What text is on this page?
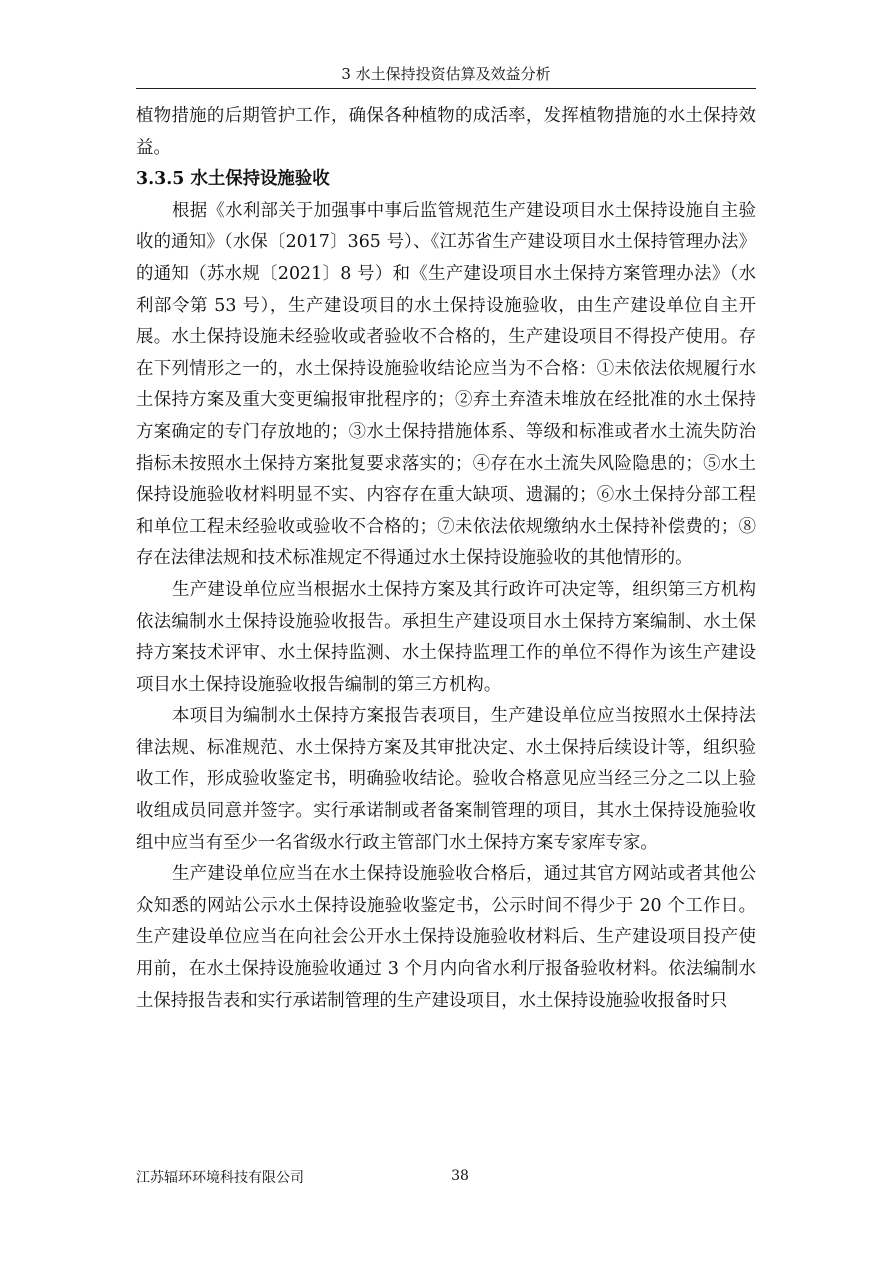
3 水土保持投资估算及效益分析

植物措施的后期管护工作，确保各种植物的成活率，发挥植物措施的水土保持效益。

3.3.5 水土保持设施验收

根据《水利部关于加强事中事后监管规范生产建设项目水土保持设施自主验收的通知》（水保〔2017〕365 号）、《江苏省生产建设项目水土保持管理办法》的通知（苏水规〔2021〕8 号）和《生产建设项目水土保持方案管理办法》（水利部令第 53 号），生产建设项目的水土保持设施验收，由生产建设单位自主开展。水土保持设施未经验收或者验收不合格的，生产建设项目不得投产使用。存在下列情形之一的，水土保持设施验收结论应当为不合格：①未依法依规履行水土保持方案及重大变更编报审批程序的；②弃土弃渣未堆放在经批准的水土保持方案确定的专门存放地的；③水土保持措施体系、等级和标准或者水土流失防治指标未按照水土保持方案批复要求落实的；④存在水土流失风险隐患的；⑤水土保持设施验收材料明显不实、内容存在重大缺项、遗漏的；⑥水土保持分部工程和单位工程未经验收或验收不合格的；⑦未依法依规缴纳水土保持补偿费的；⑧存在法律法规和技术标准规定不得通过水土保持设施验收的其他情形的。

生产建设单位应当根据水土保持方案及其行政许可决定等，组织第三方机构依法编制水土保持设施验收报告。承担生产建设项目水土保持方案编制、水土保持方案技术评审、水土保持监测、水土保持监理工作的单位不得作为该生产建设项目水土保持设施验收报告编制的第三方机构。

本项目为编制水土保持方案报告表项目，生产建设单位应当按照水土保持法律法规、标准规范、水土保持方案及其审批决定、水土保持后续设计等，组织验收工作，形成验收鉴定书，明确验收结论。验收合格意见应当经三分之二以上验收组成员同意并签字。实行承诺制或者备案制管理的项目，其水土保持设施验收组中应当有至少一名省级水行政主管部门水土保持方案专家库专家。

生产建设单位应当在水土保持设施验收合格后，通过其官方网站或者其他公众知悉的网站公示水土保持设施验收鉴定书，公示时间不得少于 20 个工作日。生产建设单位应当在向社会公开水土保持设施验收材料后、生产建设项目投产使用前，在水土保持设施验收通过 3 个月内向省水利厅报备验收材料。依法编制水土保持报告表和实行承诺制管理的生产建设项目，水土保持设施验收报备时只

江苏辐环环境科技有限公司	38
